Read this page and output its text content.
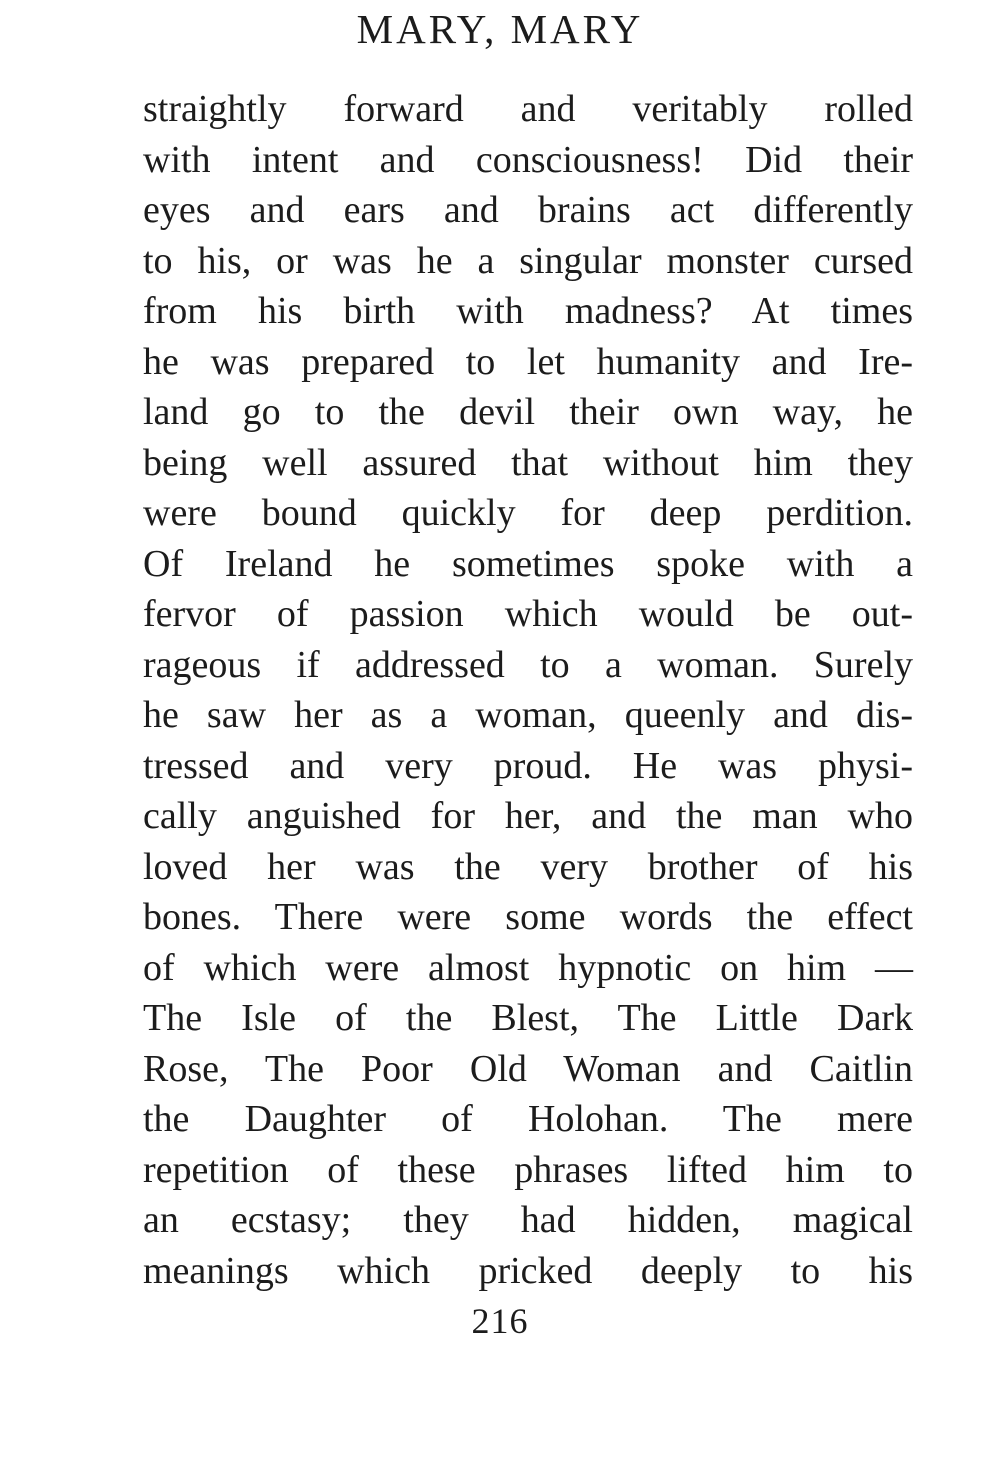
MARY, MARY
straightly forward and veritably rolled
with intent and consciousness! Did their
eyes and ears and brains act differently
to his, or was he a singular monster cursed
from his birth with madness? At times
he was prepared to let humanity and Ire-
land go to the devil their own way, he
being well assured that without him they
were bound quickly for deep perdition.
Of Ireland he sometimes spoke with a
fervor of passion which would be out-
rageous if addressed to a woman. Surely
he saw her as a woman, queenly and dis-
tressed and very proud. He was physi-
cally anguished for her, and the man who
loved her was the very brother of his
bones. There were some words the effect
of which were almost hypnotic on him —
The Isle of the Blest, The Little Dark
Rose, The Poor Old Woman and Caitlin
the Daughter of Holohan. The mere
repetition of these phrases lifted him to
an ecstasy; they had hidden, magical
meanings which pricked deeply to his
216
